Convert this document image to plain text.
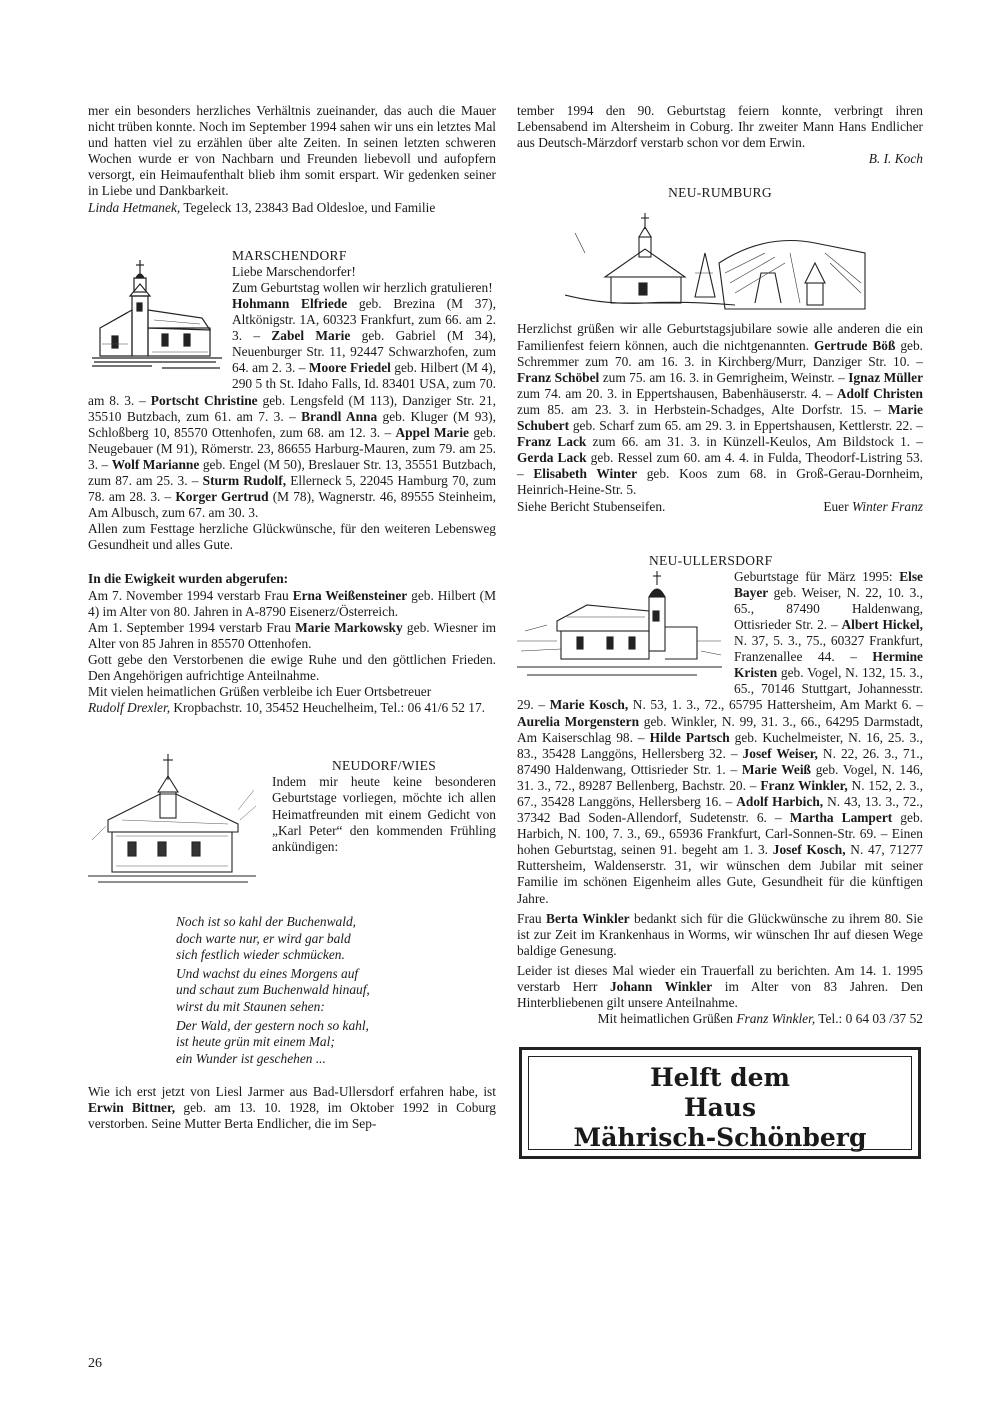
mer ein besonders herzliches Verhältnis zueinander, das auch die Mauer nicht trüben konnte. Noch im September 1994 sahen wir uns ein letztes Mal und hatten viel zu erzählen über alte Zeiten. In seinen letzten schweren Wochen wurde er von Nachbarn und Freunden liebevoll und aufopfern versorgt, ein Heimaufenthalt blieb ihm somit erspart. Wir gedenken seiner in Liebe und Dankbarkeit.

Linda Hetmanek, Tegeleck 13, 23843 Bad Oldesloe, und Familie

MARSCHENDORF

Liebe Marschendorfer!

Zum Geburtstag wollen wir herzlich gratulieren!

Hohmann Elfriede geb. Brezina (M 37), Altkönigstr. 1A, 60323 Frankfurt, zum 66. am 2. 3. – Zabel Marie geb. Gabriel (M 34), Neuenburger Str. 11, 92447 Schwarzhofen, zum 64. am 2. 3. – Moore Friedel geb. Hilbert (M 4), 290 5 th St. Idaho Falls, Id. 83401 USA, zum 70. am 8. 3. – Portscht Christine geb. Lengsfeld (M 113), Danziger Str. 21, 35510 Butzbach, zum 61. am 7. 3. – Brandl Anna geb. Kluger (M 93), Schloßberg 10, 85570 Ottenhofen, zum 68. am 12. 3. – Appel Marie geb. Neugebauer (M 91), Römerstr. 23, 86655 Harburg-Mauren, zum 79. am 25. 3. – Wolf Marianne geb. Engel (M 50), Breslauer Str. 13, 35551 Butzbach, zum 87. am 25. 3. – Sturm Rudolf, Ellerneck 5, 22045 Hamburg 70, zum 78. am 28. 3. – Korger Gertrud (M 78), Wagnerstr. 46, 89555 Steinheim, Am Albusch, zum 67. am 30. 3.

Allen zum Festtage herzliche Glückwünsche, für den weiteren Lebensweg Gesundheit und alles Gute.

In die Ewigkeit wurden abgerufen:

Am 7. November 1994 verstarb Frau Erna Weißensteiner geb. Hilbert (M 4) im Alter von 80. Jahren in A-8790 Eisenerz/Österreich.

Am 1. September 1994 verstarb Frau Marie Markowsky geb. Wiesner im Alter von 85 Jahren in 85570 Ottenhofen.

Gott gebe den Verstorbenen die ewige Ruhe und den göttlichen Frieden. Den Angehörigen aufrichtige Anteilnahme.

Mit vielen heimatlichen Grüßen verbleibe ich Euer Ortsbetreuer

Rudolf Drexler, Kropbachstr. 10, 35452 Heuchelheim, Tel.: 06 41/6 52 17.

NEUDORF/WIES

Indem mir heute keine besonderen Geburtstage vorliegen, möchte ich allen Heimatfreunden mit einem Gedicht von „Karl Peter“ den kommenden Frühling ankündigen:

Noch ist so kahl der Buchenwald,
doch warte nur, er wird gar bald
sich festlich wieder schmücken.

Und wachst du eines Morgens auf
und schaut zum Buchenwald hinauf,
wirst du mit Staunen sehen:

Der Wald, der gestern noch so kahl,
ist heute grün mit einem Mal;
ein Wunder ist geschehen ...

Wie ich erst jetzt von Liesl Jarmer aus Bad-Ullersdorf erfahren habe, ist Erwin Bittner, geb. am 13. 10. 1928, im Oktober 1992 in Coburg verstorben. Seine Mutter Berta Endlicher, die im Sep-

tember 1994 den 90. Geburtstag feiern konnte, verbringt ihren Lebensabend im Altersheim in Coburg. Ihr zweiter Mann Hans Endlicher aus Deutsch-Märzdorf verstarb schon vor dem Erwin.

B. I. Koch

NEU-RUMBURG

Herzlichst grüßen wir alle Geburtstagsjubilare sowie alle anderen die ein Familienfest feiern können, auch die nichtgenannten. Gertrude Böß geb. Schremmer zum 70. am 16. 3. in Kirchberg/Murr, Danziger Str. 10. – Franz Schöbel zum 75. am 16. 3. in Gemrigheim, Weinstr. – Ignaz Müller zum 74. am 20. 3. in Eppertshausen, Babenhäuserstr. 4. – Adolf Christen zum 85. am 23. 3. in Herbstein-Schadges, Alte Dorfstr. 15. – Marie Schubert geb. Scharf zum 65. am 29. 3. in Eppertshausen, Kettlerstr. 22. – Franz Lack zum 66. am 31. 3. in Künzell-Keulos, Am Bildstock 1. – Gerda Lack geb. Ressel zum 60. am 4. 4. in Fulda, Theodorf-Listring 53. – Elisabeth Winter geb. Koos zum 68. in Groß-Gerau-Dornheim, Heinrich-Heine-Str. 5.

Siehe Bericht Stubenseifen.	Euer Winter Franz

NEU-ULLERSDORF

Geburtstage für März 1995: Else Bayer geb. Weiser, N. 22, 10. 3., 65., 87490 Haldenwang, Ottisrieder Str. 2. – Albert Hickel, N. 37, 5. 3., 75., 60327 Frankfurt, Franzenallee 44. – Hermine Kristen geb. Vogel, N. 132, 15. 3., 65., 70146 Stuttgart, Johannesstr. 29. – Marie Kosch, N. 53, 1. 3., 72., 65795 Hattersheim, Am Markt 6. – Aurelia Morgenstern geb. Winkler, N. 99, 31. 3., 66., 64295 Darmstadt, Am Kaiserschlag 98. – Hilde Partsch geb. Kuchelmeister, N. 16, 25. 3., 83., 35428 Langgöns, Hellersberg 32. – Josef Weiser, N. 22, 26. 3., 71., 87490 Haldenwang, Ottisrieder Str. 1. – Marie Weiß geb. Vogel, N. 146, 31. 3., 72., 89287 Bellenberg, Bachstr. 20. – Franz Winkler, N. 152, 2. 3., 67., 35428 Langgöns, Hellersberg 16. – Adolf Harbich, N. 43, 13. 3., 72., 37342 Bad Soden-Allendorf, Sudetenstr. 6. – Martha Lampert geb. Harbich, N. 100, 7. 3., 69., 65936 Frankfurt, Carl-Sonnen-Str. 69. – Einen hohen Geburtstag, seinen 91. begeht am 1. 3. Josef Kosch, N. 47, 71277 Ruttersheim, Waldenserstr. 31, wir wünschen dem Jubilar mit seiner Familie im schönen Eigenheim alles Gute, Gesundheit für die künftigen Jahre.

Frau Berta Winkler bedankt sich für die Glückwünsche zu ihrem 80. Sie ist zur Zeit im Krankenhaus in Worms, wir wünschen Ihr auf diesen Wege baldige Genesung.

Leider ist dieses Mal wieder ein Trauerfall zu berichten. Am 14. 1. 1995 verstarb Herr Johann Winkler im Alter von 83 Jahren. Den Hinterbliebenen gilt unsere Anteilnahme.

Mit heimatlichen Grüßen Franz Winkler, Tel.: 0 64 03 /37 52

Helft dem
Haus
Mährisch-Schönberg
26
